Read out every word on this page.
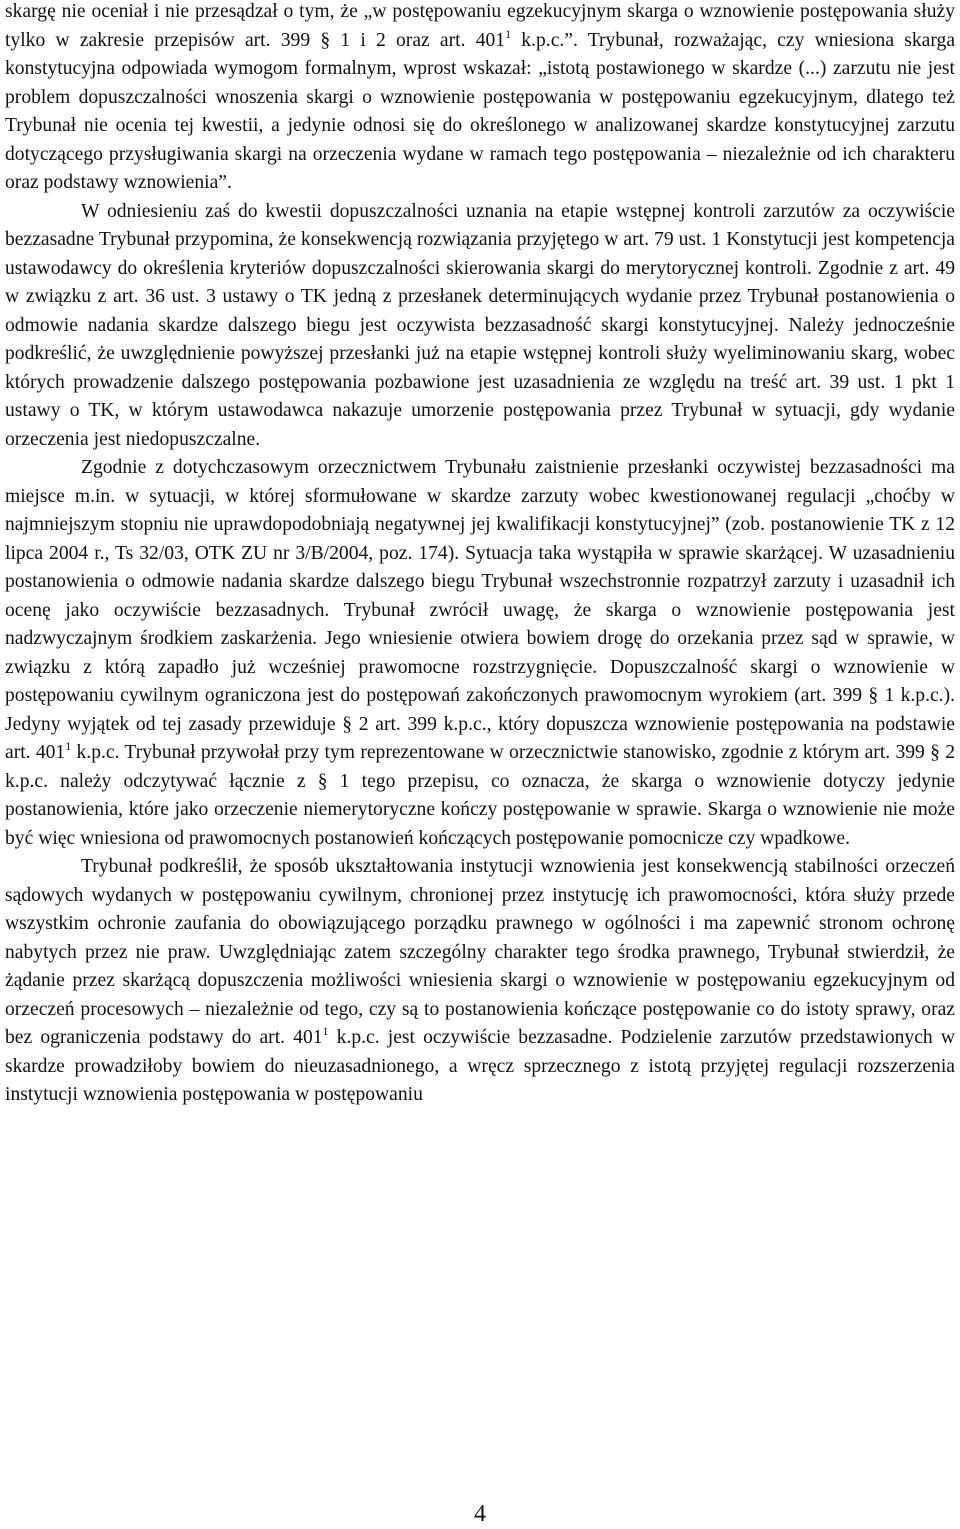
skargę nie oceniał i nie przesądzał o tym, że „w postępowaniu egzekucyjnym skarga o wznowienie postępowania służy tylko w zakresie przepisów art. 399 § 1 i 2 oraz art. $401^1$ k.p.c.”. Trybunał, rozważając, czy wniesiona skarga konstytucyjna odpowiada wymogom formalnym, wprost wskazał: „istotą postawionego w skardze (...) zarzutu nie jest problem dopuszczalności wnoszenia skargi o wznowienie postępowania w postępowaniu egzekucyjnym, dlatego też Trybunał nie ocenia tej kwestii, a jedynie odnosi się do określonego w analizowanej skardze konstytucyjnej zarzutu dotyczącego przysługiwania skargi na orzeczenia wydane w ramach tego postępowania – niezależnie od ich charakteru oraz podstawy wznowienia”.

W odniesieniu zaś do kwestii dopuszczalności uznania na etapie wstępnej kontroli zarzutów za oczywiście bezzasadne Trybunał przypomina, że konsekwencją rozwiązania przyjętego w art. 79 ust. 1 Konstytucji jest kompetencja ustawodawcy do określenia kryteriów dopuszczalności skierowania skargi do merytorycznej kontroli. Zgodnie z art. 49 w związku z art. 36 ust. 3 ustawy o TK jedną z przesłanek determinujących wydanie przez Trybunał postanowienia o odmowie nadania skardze dalszego biegu jest oczywista bezzasadność skargi konstytucyjnej. Należy jednocześnie podkreślić, że uwzględnienie powyższej przesłanki już na etapie wstępnej kontroli służy wyeliminowaniu skarg, wobec których prowadzenie dalszego postępowania pozbawione jest uzasadnienia ze względu na treść art. 39 ust. 1 pkt 1 ustawy o TK, w którym ustawodawca nakazuje umorzenie postępowania przez Trybunał w sytuacji, gdy wydanie orzeczenia jest niedopuszczalne.

Zgodnie z dotychczasowym orzecznictwem Trybunału zaistnienie przesłanki oczywistej bezzasadności ma miejsce m.in. w sytuacji, w której sformułowane w skardze zarzuty wobec kwestionowanej regulacji „choćby w najmniejszym stopniu nie uprawdopodobniają negatywnej jej kwalifikacji konstytucyjnej” (zob. postanowienie TK z 12 lipca 2004 r., Ts 32/03, OTK ZU nr 3/B/2004, poz. 174). Sytuacja taka wystąpiła w sprawie skarżącej. W uzasadnieniu postanowienia o odmowie nadania skardze dalszego biegu Trybunał wszechstronnie rozpatrzył zarzuty i uzasadnił ich ocenę jako oczywiście bezzasadnych. Trybunał zwrócił uwagę, że skarga o wznowienie postępowania jest nadzwyczajnym środkiem zaskarżenia. Jego wniesienie otwiera bowiem drogę do orzekania przez sąd w sprawie, w związku z którą zapadło już wcześniej prawomocne rozstrzygnięcie. Dopuszczalność skargi o wznowienie w postępowaniu cywilnym ograniczona jest do postępowań zakończonych prawomocnym wyrokiem (art. 399 § 1 k.p.c.). Jedyny wyjątek od tej zasady przewiduje § 2 art. 399 k.p.c., który dopuszcza wznowienie postępowania na podstawie art. $401^1$ k.p.c. Trybunał przywołał przy tym reprezentowane w orzecznictwie stanowisko, zgodnie z którym art. 399 § 2 k.p.c. należy odczytywać łącznie z § 1 tego przepisu, co oznacza, że skarga o wznowienie dotyczy jedynie postanowienia, które jako orzeczenie niemerytoryczne kończy postępowanie w sprawie. Skarga o wznowienie nie może być więc wniesiona od prawomocnych postanowień kończących postępowanie pomocnicze czy wpadkowe.

Trybunał podkreślił, że sposób ukształtowania instytucji wznowienia jest konsekwencją stabilności orzeczeń sądowych wydanych w postępowaniu cywilnym, chronionej przez instytucję ich prawomocności, która służy przede wszystkim ochronie zaufania do obowiązującego porządku prawnego w ogólności i ma zapewnić stronom ochronę nabytych przez nie praw. Uwzględniając zatem szczególny charakter tego środka prawnego, Trybunał stwierdził, że żądanie przez skarżącą dopuszczenia możliwości wniesienia skargi o wznowienie w postępowaniu egzekucyjnym od orzeczeń procesowych – niezależnie od tego, czy są to postanowienia kończące postępowanie co do istoty sprawy, oraz bez ograniczenia podstawy do art. $401^1$ k.p.c. jest oczywiście bezzasadne. Podzielenie zarzutów przedstawionych w skardze prowadziłoby bowiem do nieuzasadnionego, a wręcz sprzecznego z istotą przyjętej regulacji rozszerzenia instytucji wznowienia postępowania w postępowaniu

4
